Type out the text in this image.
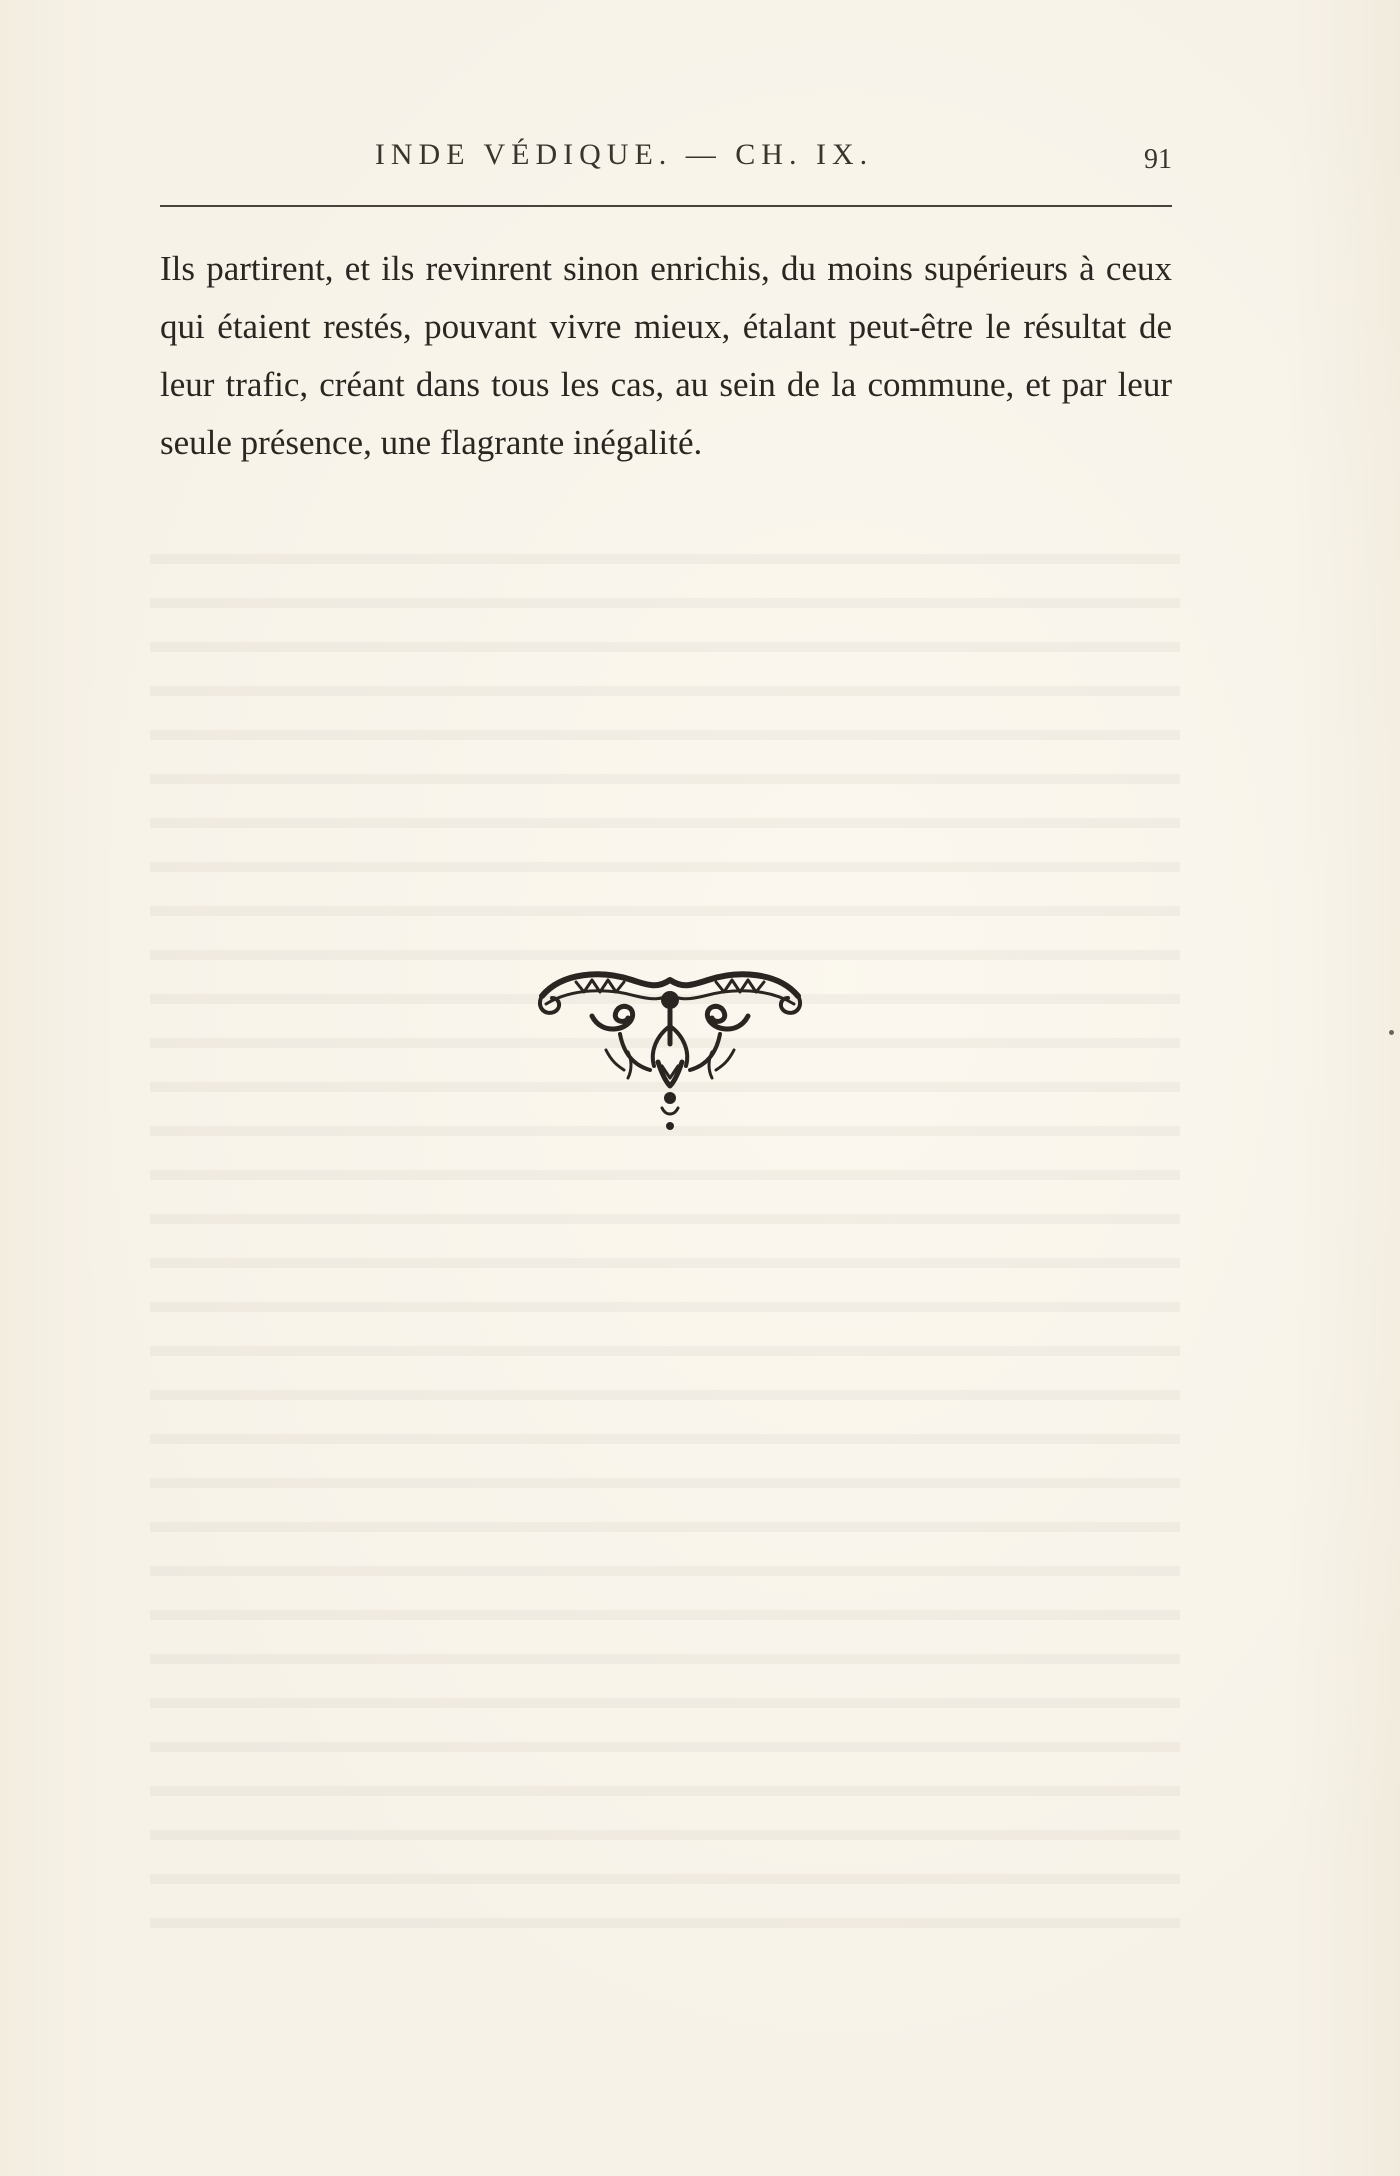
INDE VÉDIQUE. — CH. IX.	91

Ils partirent, et ils revinrent sinon enrichis, du moins supérieurs à ceux qui étaient restés, pouvant vivre mieux, étalant peut-être le résultat de leur trafic, créant dans tous les cas, au sein de la commune, et par leur seule présence, une flagrante inégalité.
